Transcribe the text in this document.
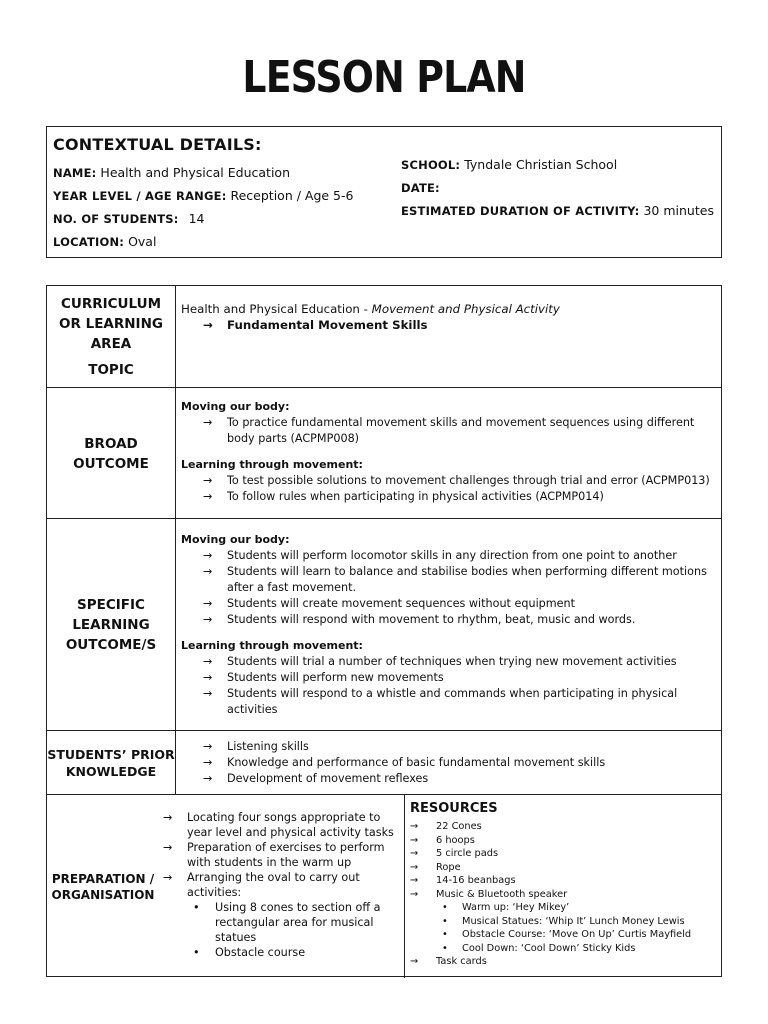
LESSON PLAN
CONTEXTUAL DETAILS:
NAME: Health and Physical Education
YEAR LEVEL / AGE RANGE: Reception / Age 5-6
NO. OF STUDENTS: 14
LOCATION: Oval
SCHOOL: Tyndale Christian School
DATE:
ESTIMATED DURATION OF ACTIVITY: 30 minutes
CURRICULUM
OR LEARNING
AREA
TOPIC
Health and Physical Education - Movement and Physical Activity
→ Fundamental Movement Skills
BROAD
OUTCOME
Moving our body:
→ To practice fundamental movement skills and movement sequences using different
body parts (ACPMP008)
Learning through movement:
→ To test possible solutions to movement challenges through trial and error (ACPMP013)
→ To follow rules when participating in physical activities (ACPMP014)
SPECIFIC
LEARNING
OUTCOME/S
Moving our body:
→ Students will perform locomotor skills in any direction from one point to another
→ Students will learn to balance and stabilise bodies when performing different motions
after a fast movement.
→ Students will create movement sequences without equipment
→ Students will respond with movement to rhythm, beat, music and words.
Learning through movement:
→ Students will trial a number of techniques when trying new movement activities
→ Students will perform new movements
→ Students will respond to a whistle and commands when participating in physical
activities
STUDENTS’ PRIOR
KNOWLEDGE
→ Listening skills
→ Knowledge and performance of basic fundamental movement skills
→ Development of movement reflexes
PREPARATION /
ORGANISATION
→ Locating four songs appropriate to
year level and physical activity tasks
→ Preparation of exercises to perform
with students in the warm up
→ Arranging the oval to carry out
activities:
• Using 8 cones to section off a
rectangular area for musical
statues
• Obstacle course
RESOURCES
→ 22 Cones
→ 6 hoops
→ 5 circle pads
→ Rope
→ 14-16 beanbags
→ Music & Bluetooth speaker
• Warm up: ‘Hey Mikey’
• Musical Statues: ‘Whip It’ Lunch Money Lewis
• Obstacle Course: ‘Move On Up’ Curtis Mayfield
• Cool Down: ‘Cool Down’ Sticky Kids
→ Task cards
